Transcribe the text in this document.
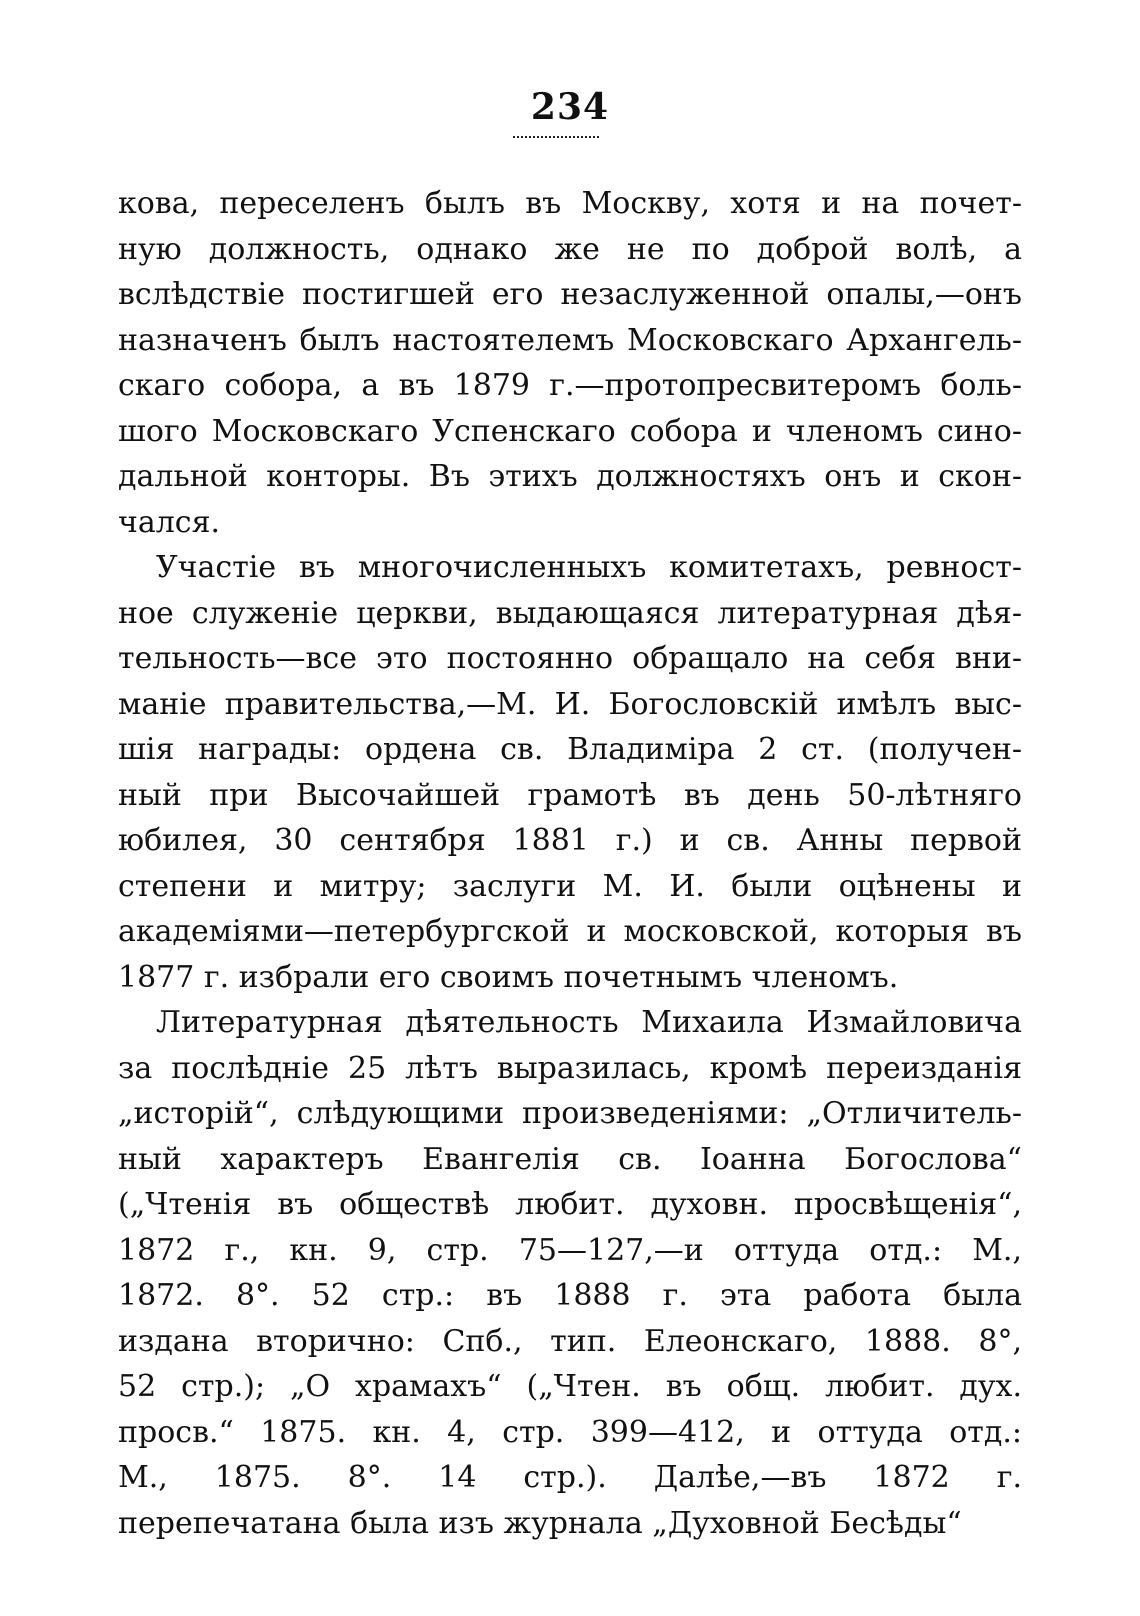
234
кова, переселенъ былъ въ Москву, хотя и на почет-
ную должность, однако же не по доброй волѣ, а
вслѣдствіе постигшей его незаслуженной опалы,—онъ
назначенъ былъ настоятелемъ Московскаго Архангель-
скаго собора, а въ 1879 г.—протопресвитеромъ боль-
шого Московскаго Успенскаго собора и членомъ сино-
дальной конторы. Въ этихъ должностяхъ онъ и скон-
чался.
Участіе въ многочисленныхъ комитетахъ, ревност-
ное служеніе церкви, выдающаяся литературная дѣя-
тельность—все это постоянно обращало на себя вни-
маніе правительства,—М. И. Богословскій имѣлъ выс-
шія награды: ордена св. Владиміра 2 ст. (получен-
ный при Высочайшей грамотѣ въ день 50-лѣтняго
юбилея, 30 сентября 1881 г.) и св. Анны первой
степени и митру; заслуги М. И. были оцѣнены и
академіями—петербургской и московской, которыя въ
1877 г. избрали его своимъ почетнымъ членомъ.
Литературная дѣятельность Михаила Измайловича
за послѣдніе 25 лѣтъ выразилась, кромѣ переизданія
„исторій“, слѣдующими произведеніями: „Отличитель-
ный характеръ Евангелія св. Іоанна Богослова“
(„Чтенія въ обществѣ любит. духовн. просвѣщенія“,
1872 г., кн. 9, стр. 75—127,—и оттуда отд.: М.,
1872. 8°. 52 стр.: въ 1888 г. эта работа была
издана вторично: Спб., тип. Елеонскаго, 1888. 8°,
52 стр.); „О храмахъ“ („Чтен. въ общ. любит. дух.
просв.“ 1875. кн. 4, стр. 399—412, и оттуда отд.:
М., 1875. 8°. 14 стр.). Далѣе,—въ 1872 г.
перепечатана была изъ журнала „Духовной Бесѣды“
